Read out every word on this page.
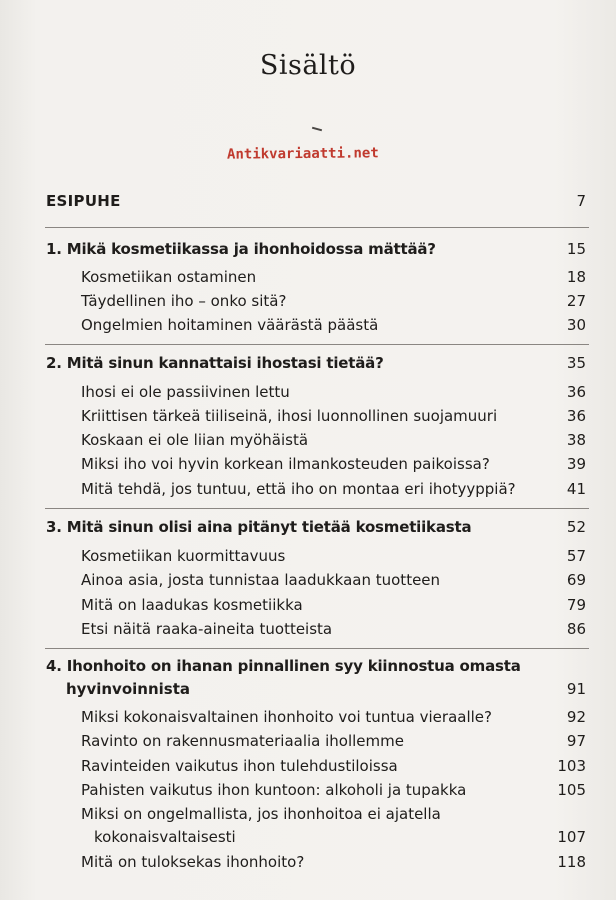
Sisältö
Antikvariaatti.net
ESIPUHE	7
1. Mikä kosmetiikassa ja ihonhoidossa mättää?	15
Kosmetiikan ostaminen	18
Täydellinen iho – onko sitä?	27
Ongelmien hoitaminen väärästä päästä	30
2. Mitä sinun kannattaisi ihostasi tietää?	35
Ihosi ei ole passiivinen lettu	36
Kriittisen tärkeä tiiliseinä, ihosi luonnollinen suojamuuri	36
Koskaan ei ole liian myöhäistä	38
Miksi iho voi hyvin korkean ilmankosteuden paikoissa?	39
Mitä tehdä, jos tuntuu, että iho on montaa eri ihotyyppiä?	41
3. Mitä sinun olisi aina pitänyt tietää kosmetiikasta	52
Kosmetiikan kuormittavuus	57
Ainoa asia, josta tunnistaa laadukkaan tuotteen	69
Mitä on laadukas kosmetiikka	79
Etsi näitä raaka-aineita tuotteista	86
4. Ihonhoito on ihanan pinnallinen syy kiinnostua omasta
hyvinvoinnista	91
Miksi kokonaisvaltainen ihonhoito voi tuntua vieraalle?	92
Ravinto on rakennusmateriaalia ihollemme	97
Ravinteiden vaikutus ihon tulehdustiloissa	103
Pahisten vaikutus ihon kuntoon: alkoholi ja tupakka	105
Miksi on ongelmallista, jos ihonhoitoa ei ajatella
kokonaisvaltaisesti	107
Mitä on tuloksekas ihonhoito?	118
